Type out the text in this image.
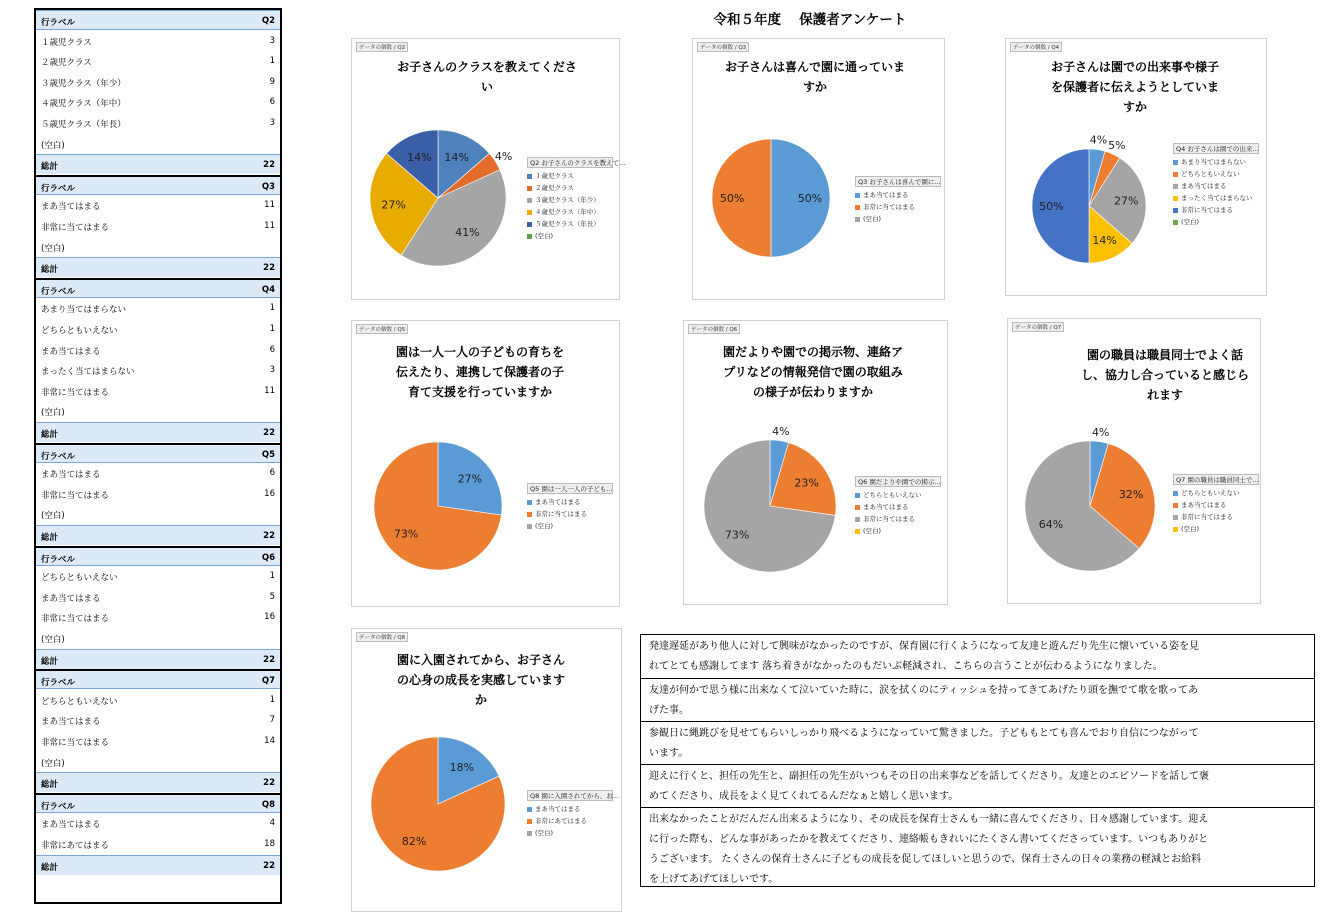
令和５年度　 保護者アンケート
行ラベル	Q2
１歳児クラス	3
２歳児クラス	1
３歳児クラス（年少）	9
４歳児クラス（年中）	6
５歳児クラス（年長）	3
(空白)
総計	22
行ラベル	Q3
まあ当てはまる	11
非常に当てはまる	11
(空白)
総計	22
行ラベル	Q4
あまり当てはまらない	1
どちらともいえない	1
まあ当てはまる	6
まったく当てはまらない	3
非常に当てはまる	11
(空白)
総計	22
行ラベル	Q5
まあ当てはまる	6
非常に当てはまる	16
(空白)
総計	22
行ラベル	Q6
どちらともいえない	1
まあ当てはまる	5
非常に当てはまる	16
(空白)
総計	22
行ラベル	Q7
どちらともいえない	1
まあ当てはまる	7
非常に当てはまる	14
(空白)
総計	22
行ラベル	Q8
まあ当てはまる	4
非常にあてはまる	18
総計	22
データの個数 / Q2
お子さんのクラスを教えてくださ
い
14% 4%
41%
27%
14%	Q2 お子さんのクラスを教えて...
１歳児クラス
２歳児クラス
３歳児クラス（年少）
４歳児クラス（年中）
５歳児クラス（年長）
(空白)
データの個数 / Q3
お子さんは喜んで園に通っていま
すか
50%
50%
Q3 お子さんは喜んで園に...
まあ当てはまる
非常に当てはまる
(空白)
データの個数 / Q4
お子さんは園での出来事や様子
を保護者に伝えようとしていま
すか
4% 5%
27%
14%
50%
Q4 お子さんは園での出来...
あまり当てはまらない
どちらともいえない
まあ当てはまる
まったく当てはまらない
非常に当てはまる
(空白)
データの個数 / Q5
園は一人一人の子どもの育ちを
伝えたり、連携して保護者の子
育て支援を行っていますか
27%
73%
Q5 園は一人一人の子ども...
まあ当てはまる
非常に当てはまる
(空白)
データの個数 / Q6
園だよりや園での掲示物、連絡ア
プリなどの情報発信で園の取組み
の様子が伝わりますか
4%
23%
73%
Q6 園だよりや園での掲示...
どちらともいえない
まあ当てはまる
非常に当てはまる
(空白)
データの個数 / Q7
園の職員は職員同士でよく話
し、協力し合っていると感じら
れます
4%
32%
64%
Q7 園の職員は職員同士で...
どちらともいえない
まあ当てはまる
非常に当てはまる
(空白)
データの個数 / Q8
園に入園されてから、お子さん
の心身の成長を実感しています
か
18%
82%
Q8 園に入園されてから、お...
まあ当てはまる
非常にあてはまる
(空白)
発達遅延があり他人に対して興味がなかったのですが、保育園に行くようになって友達と遊んだり先生に懐いている姿を見
れてとても感謝してます 落ち着きがなかったのもだいぶ軽減され、こちらの言うことが伝わるようになりました。
友達が何かで思う様に出来なくて泣いていた時に、涙を拭くのにティッシュを持ってきてあげたり頭を撫でて歌を歌ってあ
げた事。
参観日に縄跳びを見せてもらいしっかり飛べるようになっていて驚きました。子どももとても喜んでおり自信につながって
います。
迎えに行くと、担任の先生と、副担任の先生がいつもその日の出来事などを話してくださり。友達とのエピソードを話して褒
めてくださり、成長をよく見てくれてるんだなぁと嬉しく思います。
出来なかったことがだんだん出来るようになり、その成長を保育士さんも一緒に喜んでくださり、日々感謝しています。迎え
に行った際も、どんな事があったかを教えてくださり、連絡帳もきれいにたくさん書いてくださっています。いつもありがと
うございます。 たくさんの保育士さんに子どもの成長を促してほしいと思うので、保育士さんの日々の業務の軽減とお給料
を上げてあげてほしいです。
